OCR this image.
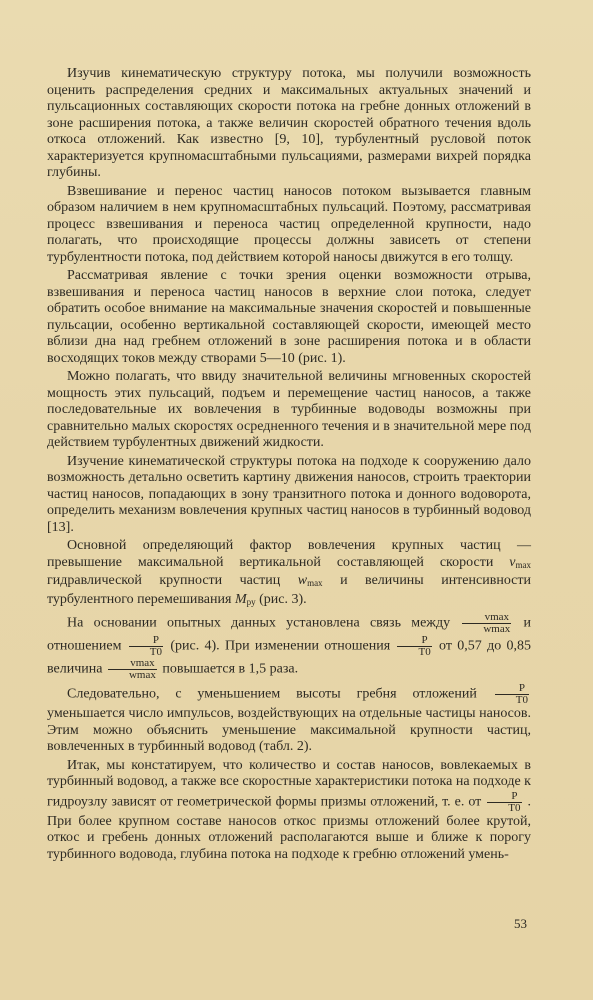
Изучив кинематическую структуру потока, мы получили возможность оценить распределения средних и максимальных актуальных значений и пульсационных составляющих скорости потока на гребне донных отложений в зоне расширения потока, а также величин скоростей обратного течения вдоль откоса отложений. Как известно [9, 10], турбулентный русловой поток характеризуется крупномасштабными пульсациями, размерами вихрей порядка глубины.

Взвешивание и перенос частиц наносов потоком вызывается главным образом наличием в нем крупномасштабных пульсаций. Поэтому, рассматривая процесс взвешивания и переноса частиц определенной крупности, надо полагать, что происходящие процессы должны зависеть от степени турбулентности потока, под действием которой наносы движутся в его толщу.

Рассматривая явление с точки зрения оценки возможности отрыва, взвешивания и переноса частиц наносов в верхние слои потока, следует обратить особое внимание на максимальные значения скоростей и повышенные пульсации, особенно вертикальной составляющей скорости, имеющей место вблизи дна над гребнем отложений в зоне расширения потока и в области восходящих токов между створами 5—10 (рис. 1).

Можно полагать, что ввиду значительной величины мгновенных скоростей мощность этих пульсаций, подъем и перемещение частиц наносов, а также последовательные их вовлечения в турбинные водоводы возможны при сравнительно малых скоростях осредненного течения и в значительной мере под действием турбулентных движений жидкости.

Изучение кинематической структуры потока на подходе к сооружению дало возможность детально осветить картину движения наносов, строить траектории частиц наносов, попадающих в зону транзитного потока и донного водоворота, определить механизм вовлечения крупных частиц наносов в турбинный водовод [13].

Основной определяющий фактор вовлечения крупных частиц — превышение максимальной вертикальной составляющей скорости $v_{max}$ гидравлической крупности частиц $w_{max}$ и величины интенсивности турбулентного перемешивания $M_{py}$ (рис. 3).

На основании опытных данных установлена связь между $\frac{vmax}{wmax}$ и отношением $\frac{P}{T0} (рис$. 4). При изменении отношения $\frac{P}{T0}$ от 0,57 до 0,85 величина $\frac{vmax}{wmax}$ повышается в 1,5 раза.

Следовательно, с уменьшением высоты гребня отложений $\frac{P}{T0}$
уменьшается число импульсов, воздействующих на отдельные частицы наносов. Этим можно объяснить уменьшение максимальной крупности частиц, вовлеченных в турбинный водовод (табл. 2).

Итак, мы констатируем, что количество и состав наносов, вовлекаемых в турбинный водовод, а также все скоростные характеристики потока на подходе к гидроузлу зависят от геометрической формы призмы отложений, т. е. от $\frac{P}{T0}$ . При более крупном составе наносов откос призмы отложений более крутой, откос и гребень донных отложений располагаются выше и ближе к порогу турбинного водовода, глубина потока на подходе к гребню отложений умень-

53
